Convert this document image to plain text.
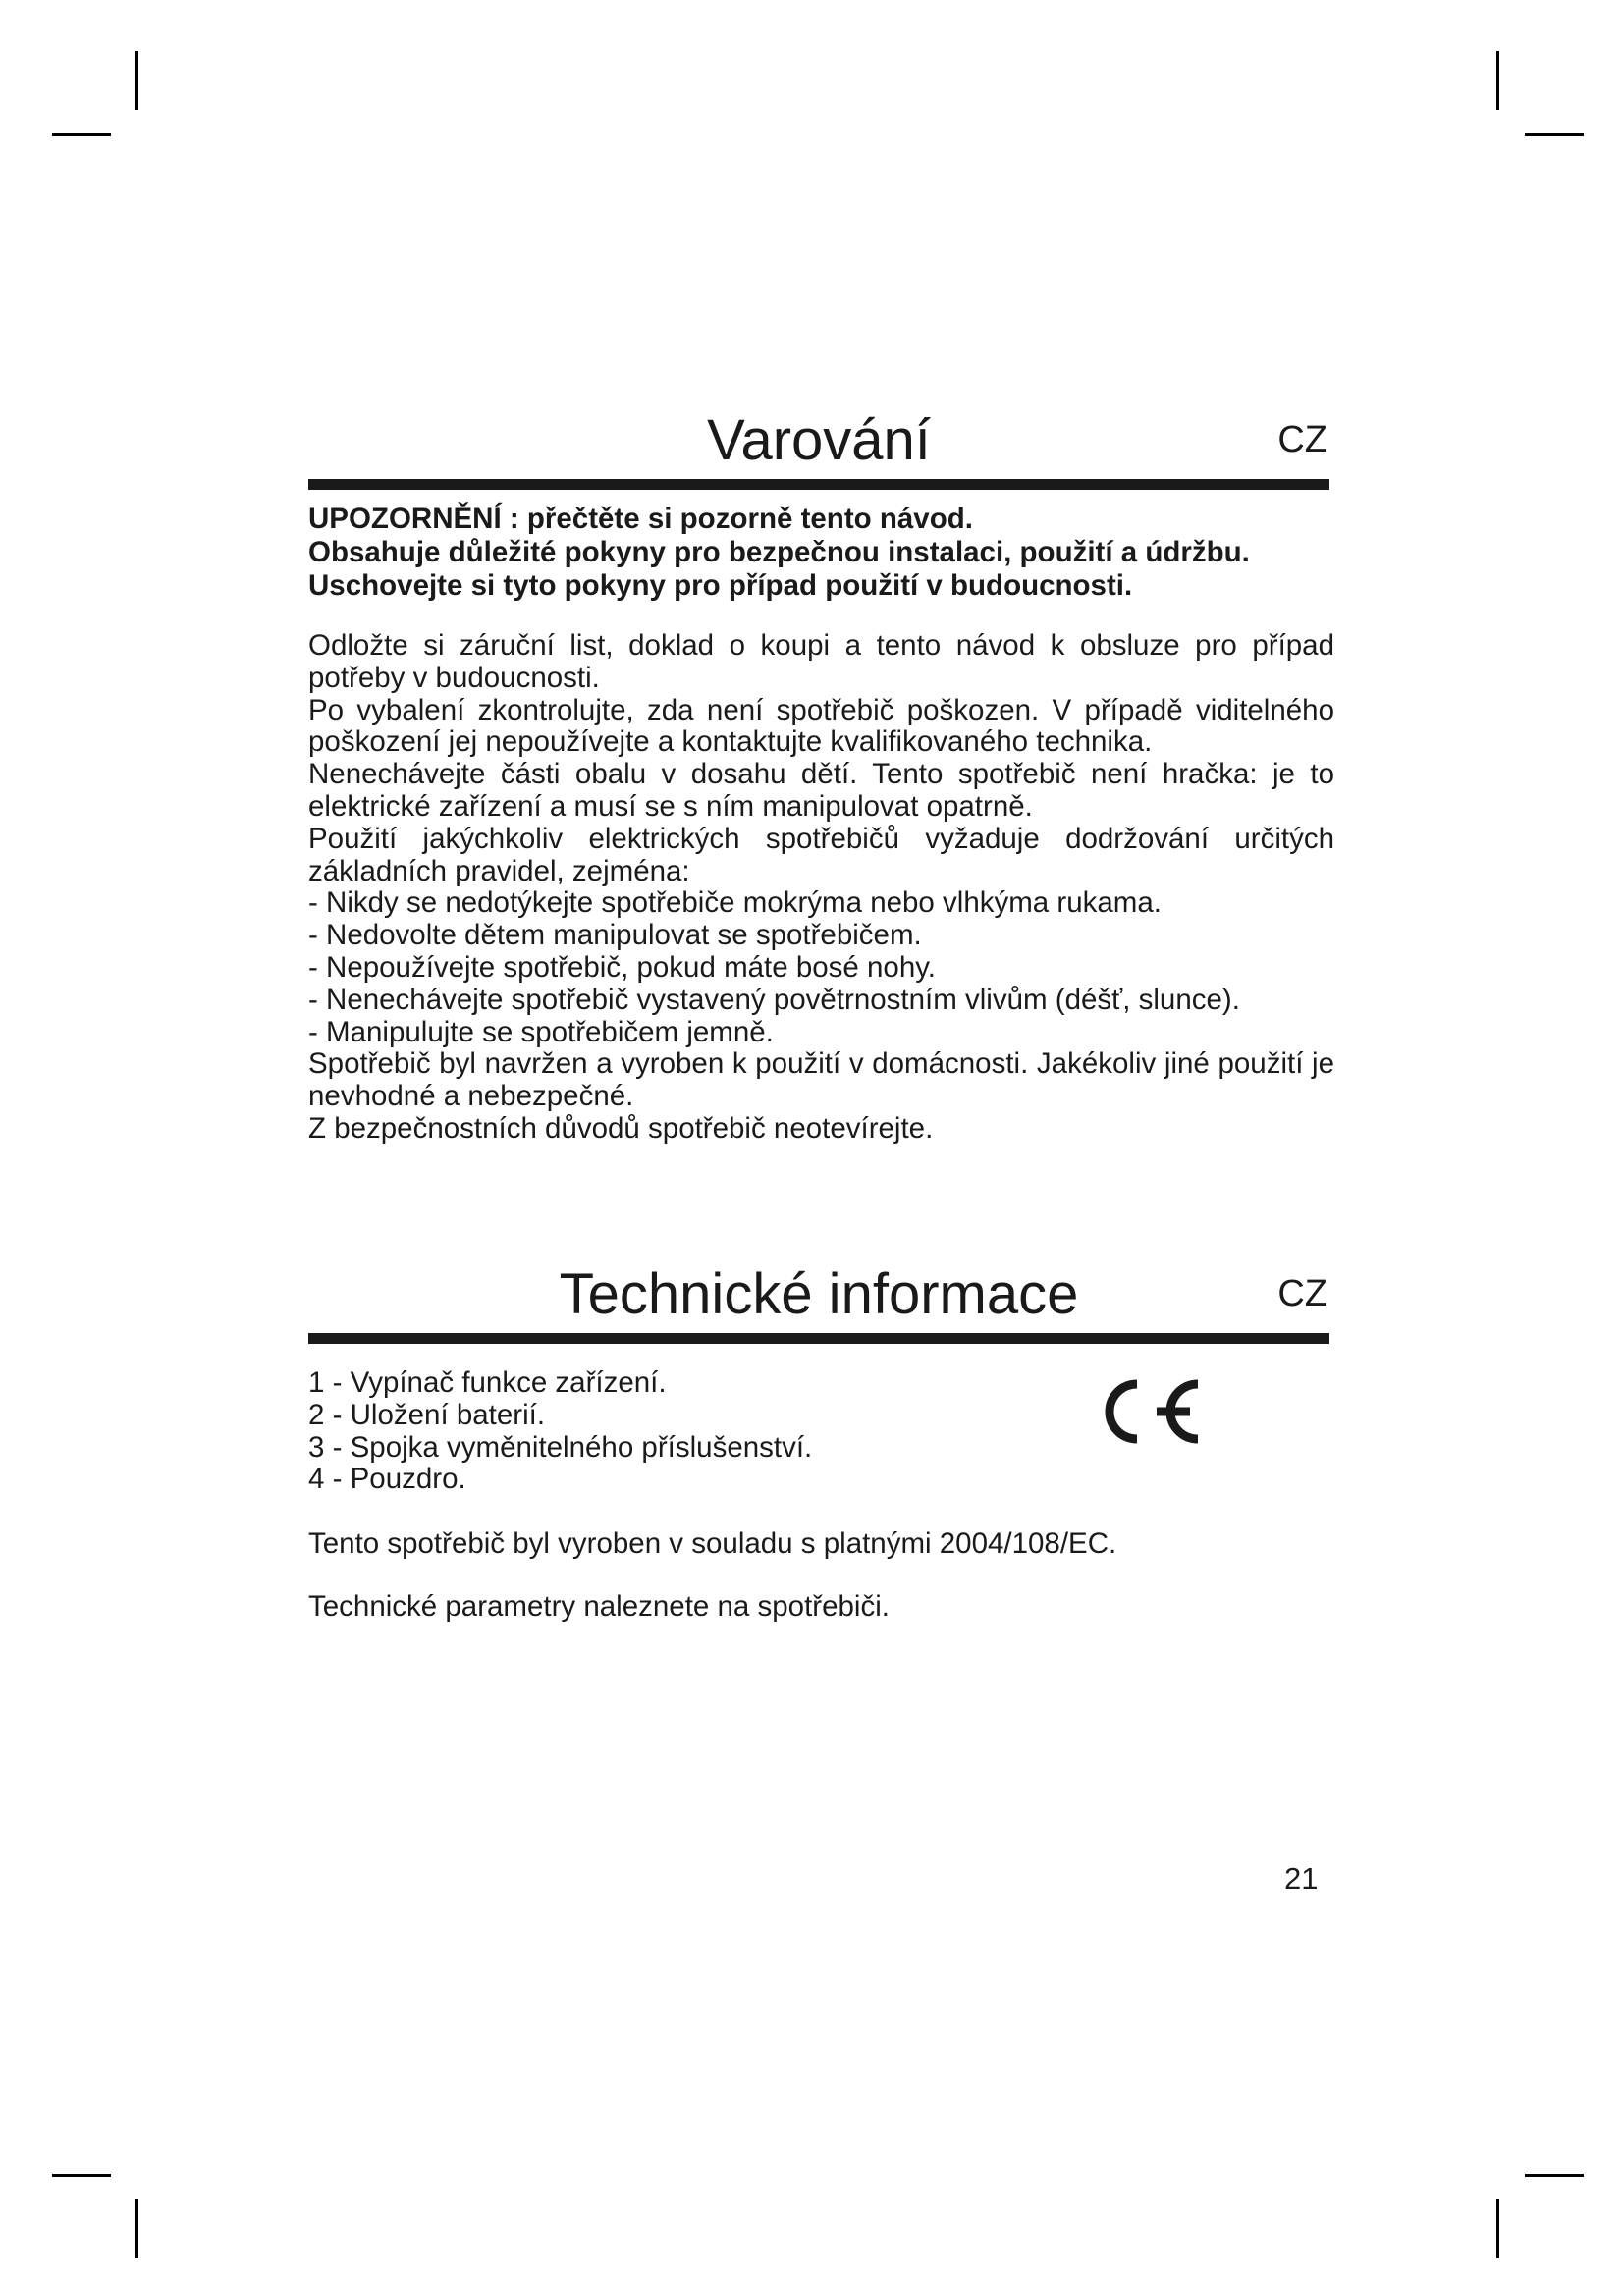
Varování	CZ
UPOZORNĚNÍ : přečtěte si pozorně tento návod.
Obsahuje důležité pokyny pro bezpečnou instalaci, použití a údržbu.
Uschovejte si tyto pokyny pro případ použití v budoucnosti.

Odložte si záruční list, doklad o koupi a tento návod k obsluze pro případ potřeby v budoucnosti.

Po vybalení zkontrolujte, zda není spotřebič poškozen. V případě viditelného poškození jej nepoužívejte a kontaktujte kvalifikovaného technika.

Nenechávejte části obalu v dosahu dětí. Tento spotřebič není hračka: je to elektrické zařízení a musí se s ním manipulovat opatrně.

Použití jakýchkoliv elektrických spotřebičů vyžaduje dodržování určitých základních pravidel, zejména:

- Nikdy se nedotýkejte spotřebiče mokrýma nebo vlhkýma rukama.

- Nedovolte dětem manipulovat se spotřebičem.

- Nepoužívejte spotřebič, pokud máte bosé nohy.

- Nenechávejte spotřebič vystavený povětrnostním vlivům (déšť, slunce).

- Manipulujte se spotřebičem jemně.

Spotřebič byl navržen a vyroben k použití v domácnosti. Jakékoliv jiné použití je nevhodné a nebezpečné.

Z bezpečnostních důvodů spotřebič neotevírejte.

Technické informace	CZ
1 - Vypínač funkce zařízení.
2 - Uložení baterií.
3 - Spojka vyměnitelného příslušenství.
4 - Pouzdro.
Tento spotřebič byl vyroben v souladu s platnými 2004/108/EC.
Technické parametry naleznete na spotřebiči.
21
